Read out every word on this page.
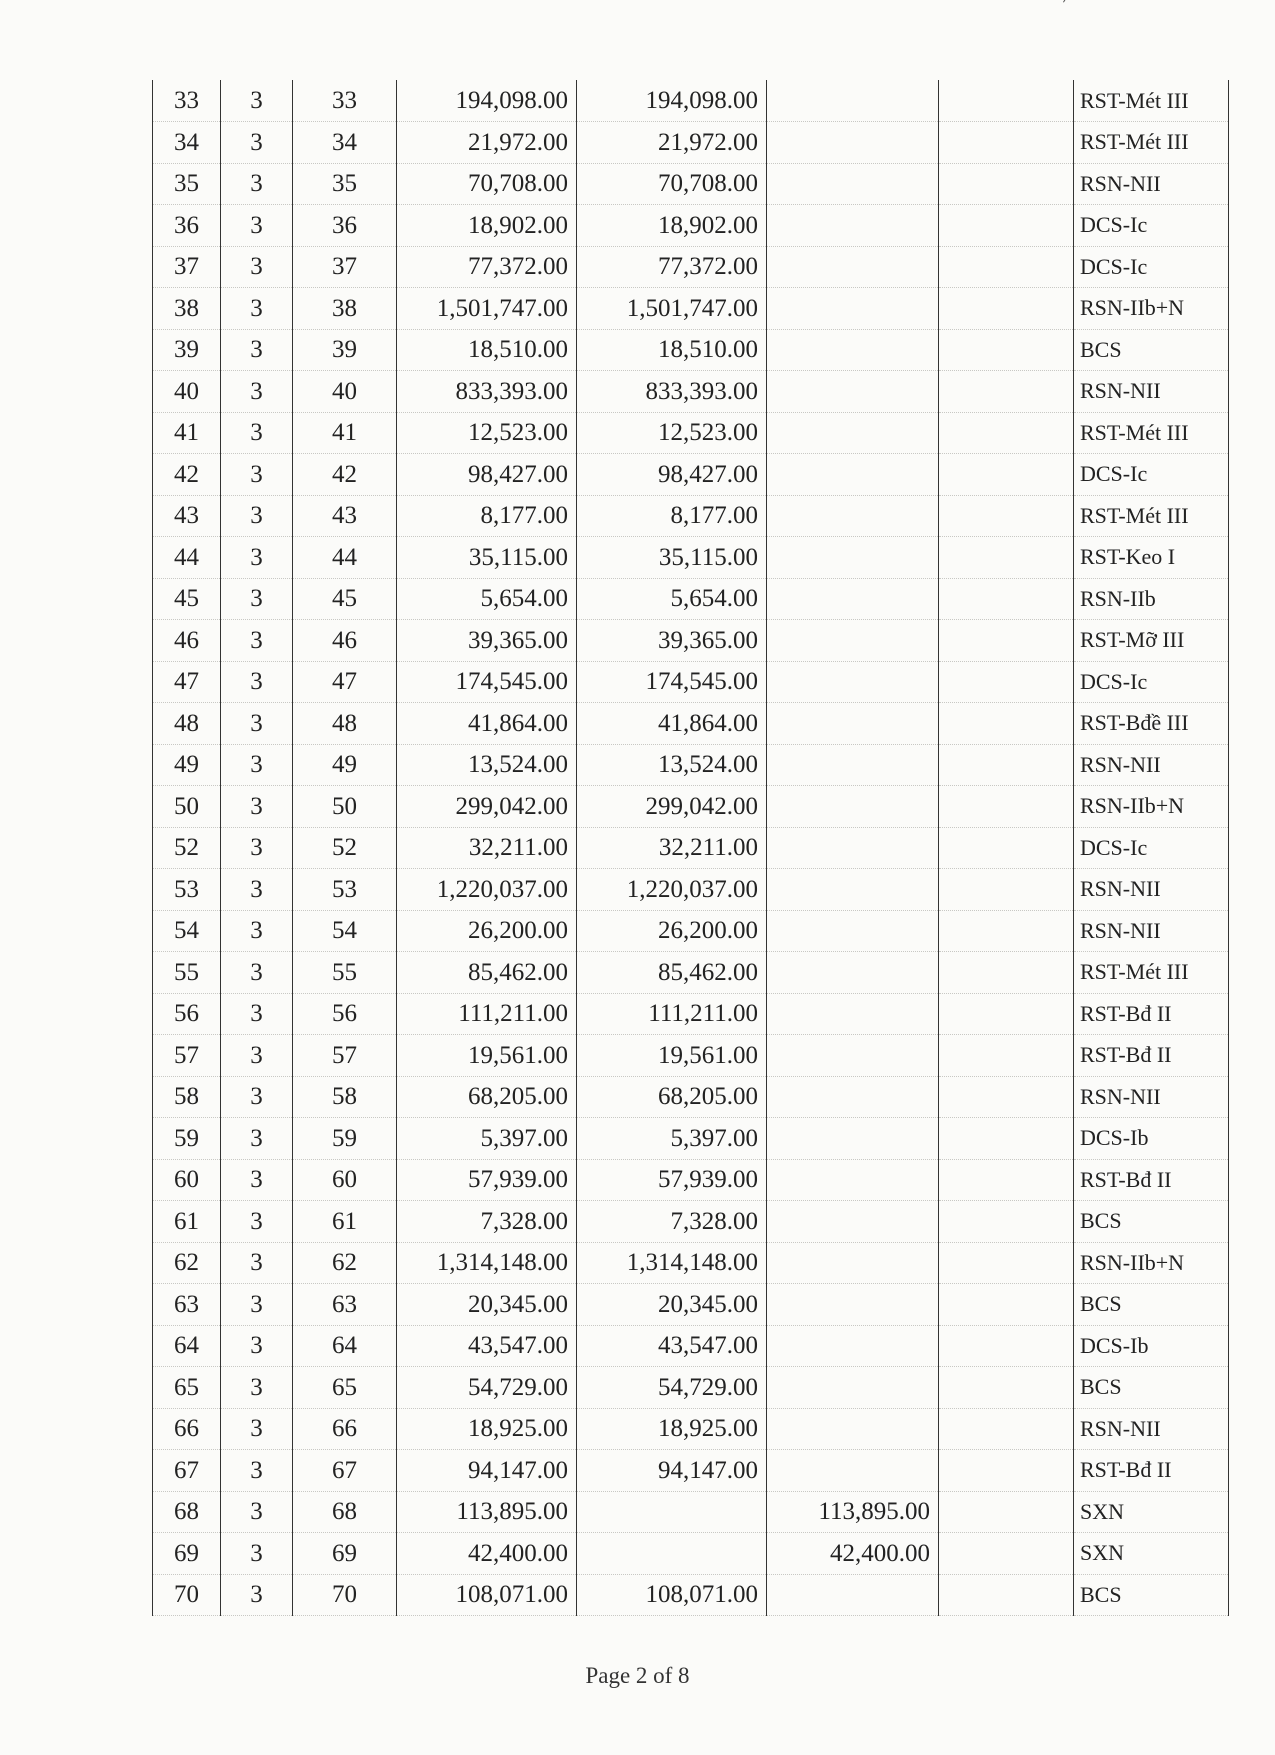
33	3	33	194,098.00	194,098.00			RST-Mét III
34	3	34	21,972.00	21,972.00			RST-Mét III
35	3	35	70,708.00	70,708.00			RSN-NII
36	3	36	18,902.00	18,902.00			DCS-Ic
37	3	37	77,372.00	77,372.00			DCS-Ic
38	3	38	1,501,747.00	1,501,747.00			RSN-IIb+N
39	3	39	18,510.00	18,510.00			BCS
40	3	40	833,393.00	833,393.00			RSN-NII
41	3	41	12,523.00	12,523.00			RST-Mét III
42	3	42	98,427.00	98,427.00			DCS-Ic
43	3	43	8,177.00	8,177.00			RST-Mét III
44	3	44	35,115.00	35,115.00			RST-Keo I
45	3	45	5,654.00	5,654.00			RSN-IIb
46	3	46	39,365.00	39,365.00			RST-Mỡ III
47	3	47	174,545.00	174,545.00			DCS-Ic
48	3	48	41,864.00	41,864.00			RST-Bđề III
49	3	49	13,524.00	13,524.00			RSN-NII
50	3	50	299,042.00	299,042.00			RSN-IIb+N
52	3	52	32,211.00	32,211.00			DCS-Ic
53	3	53	1,220,037.00	1,220,037.00			RSN-NII
54	3	54	26,200.00	26,200.00			RSN-NII
55	3	55	85,462.00	85,462.00			RST-Mét III
56	3	56	111,211.00	111,211.00			RST-Bđ II
57	3	57	19,561.00	19,561.00			RST-Bđ II
58	3	58	68,205.00	68,205.00			RSN-NII
59	3	59	5,397.00	5,397.00			DCS-Ib
60	3	60	57,939.00	57,939.00			RST-Bđ II
61	3	61	7,328.00	7,328.00			BCS
62	3	62	1,314,148.00	1,314,148.00			RSN-IIb+N
63	3	63	20,345.00	20,345.00			BCS
64	3	64	43,547.00	43,547.00			DCS-Ib
65	3	65	54,729.00	54,729.00			BCS
66	3	66	18,925.00	18,925.00			RSN-NII
67	3	67	94,147.00	94,147.00			RST-Bđ II
68	3	68	113,895.00		113,895.00		SXN
69	3	69	42,400.00		42,400.00		SXN
70	3	70	108,071.00	108,071.00			BCS
Page 2 of 8
